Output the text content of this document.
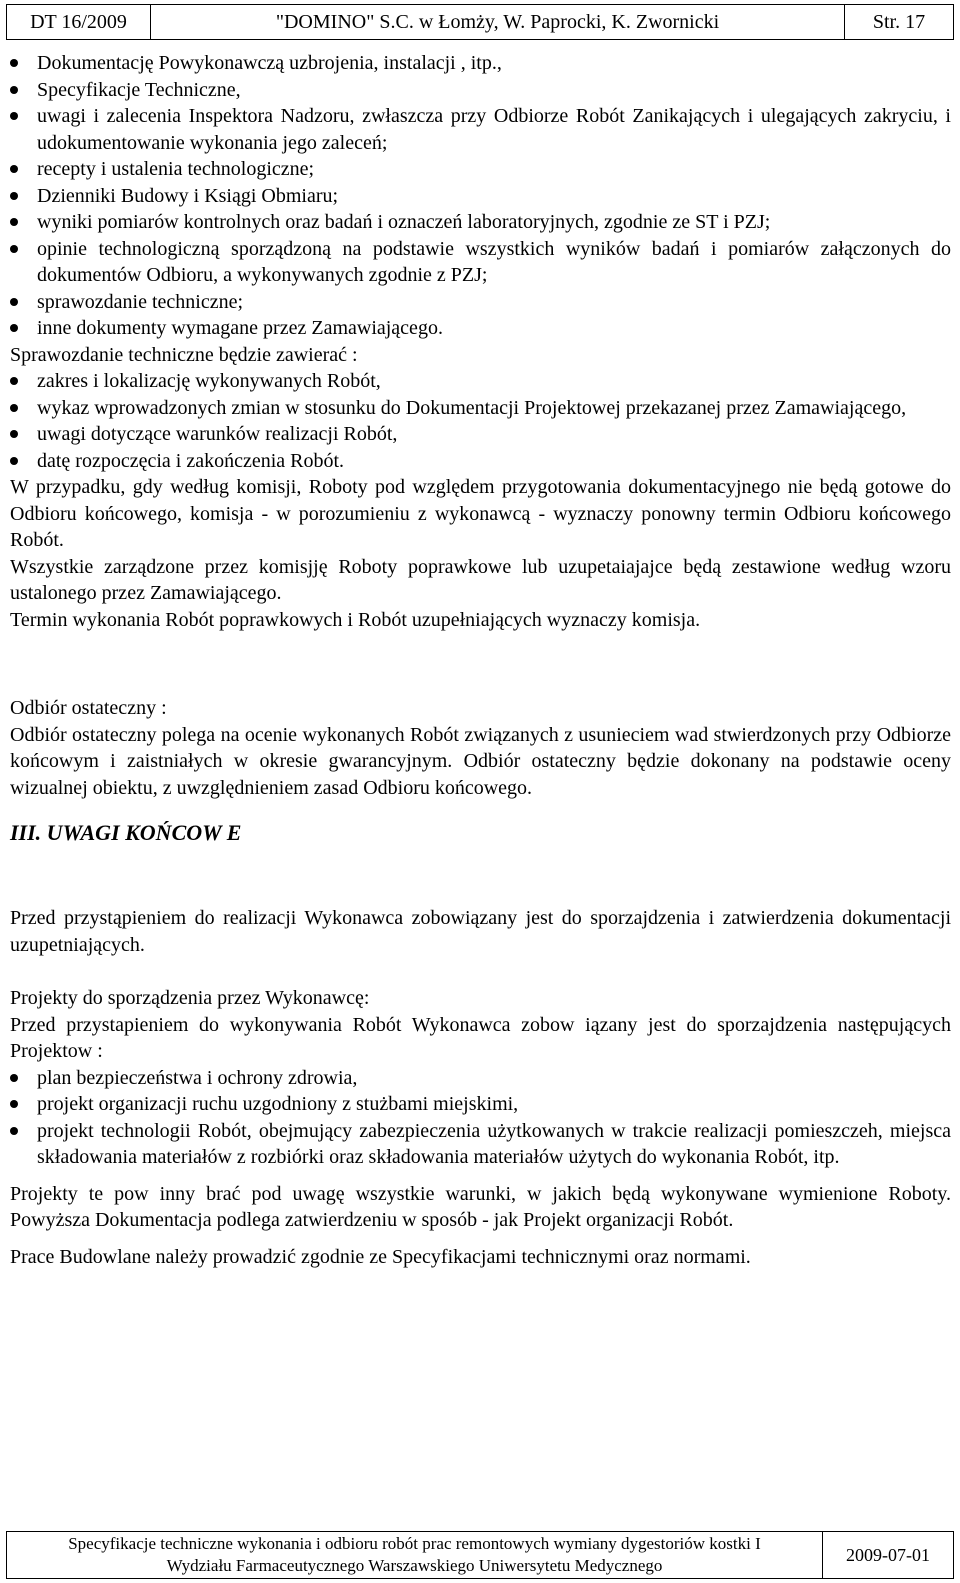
DT 16/2009	"DOMINO" S.C. w Łomży, W. Paprocki, K. Zwornicki	Str. 17
Dokumentację Powykonawczą uzbrojenia, instalacji , itp.,
Specyfikacje Techniczne,
uwagi i zalecenia Inspektora Nadzoru, zwłaszcza przy Odbiorze Robót Zanikających i ulegających zakryciu, i udokumentowanie wykonania jego zaleceń;
recepty i ustalenia technologiczne;
Dzienniki Budowy i Ksiągi Obmiaru;
wyniki pomiarów kontrolnych oraz badań i oznaczeń laboratoryjnych, zgodnie ze ST i PZJ;
opinie technologiczną sporządzoną na podstawie wszystkich wyników badań i pomiarów załączonych do dokumentów Odbioru, a wykonywanych zgodnie z PZJ;
sprawozdanie techniczne;
inne dokumenty wymagane przez Zamawiającego.

Sprawozdanie techniczne będzie zawierać :

zakres i lokalizację wykonywanych Robót,
wykaz wprowadzonych zmian w stosunku do Dokumentacji Projektowej przekazanej przez Zamawiającego,
uwagi dotyczące warunków realizacji Robót,
datę rozpoczęcia i zakończenia Robót.

W przypadku, gdy według komisji, Roboty pod względem przygotowania dokumentacyjnego nie będą gotowe do Odbioru końcowego, komisja - w porozumieniu z wykonawcą - wyznaczy ponowny termin Odbioru końcowego Robót.

Wszystkie zarządzone przez komisjję Roboty poprawkowe lub uzupetaiajajce będą zestawione według wzoru ustalonego przez Zamawiającego.

Termin wykonania Robót poprawkowych i Robót uzupełniających wyznaczy komisja.

Odbiór ostateczny :

Odbiór ostateczny polega na ocenie wykonanych Robót związanych z usunieciem wad stwierdzonych przy Odbiorze końcowym i zaistniałych w okresie gwarancyjnym. Odbiór ostateczny będzie dokonany na podstawie oceny wizualnej obiektu, z uwzględnieniem zasad Odbioru końcowego.

III. UWAGI KOŃCOW E

Przed przystąpieniem do realizacji Wykonawca zobowiązany jest do sporzajdzenia i zatwierdzenia dokumentacji uzupetniających.

Projekty do sporządzenia przez Wykonawcę:

Przed przystapieniem do wykonywania Robót Wykonawca zobow iązany jest do sporzajdzenia następujących Projektow :

plan bezpieczeństwa i ochrony zdrowia,
projekt organizacji ruchu uzgodniony z stużbami miejskimi,
projekt technologii Robót, obejmujący zabezpieczenia użytkowanych w trakcie realizacji pomieszczeh, miejsca składowania materiałów z rozbiórki oraz składowania materiałów użytych do wykonania Robót, itp.

Projekty te pow inny brać pod uwagę wszystkie warunki, w jakich będą wykonywane wymienione Roboty. Powyższa Dokumentacja podlega zatwierdzeniu w sposób - jak Projekt organizacji Robót.

Prace Budowlane należy prowadzić zgodnie ze Specyfikacjami technicznymi oraz normami.

Specyfikacje techniczne wykonania i odbioru robót prac remontowych wymiany dygestoriów kostki I
Wydziału Farmaceutycznego Warszawskiego Uniwersytetu Medycznego
2009-07-01
